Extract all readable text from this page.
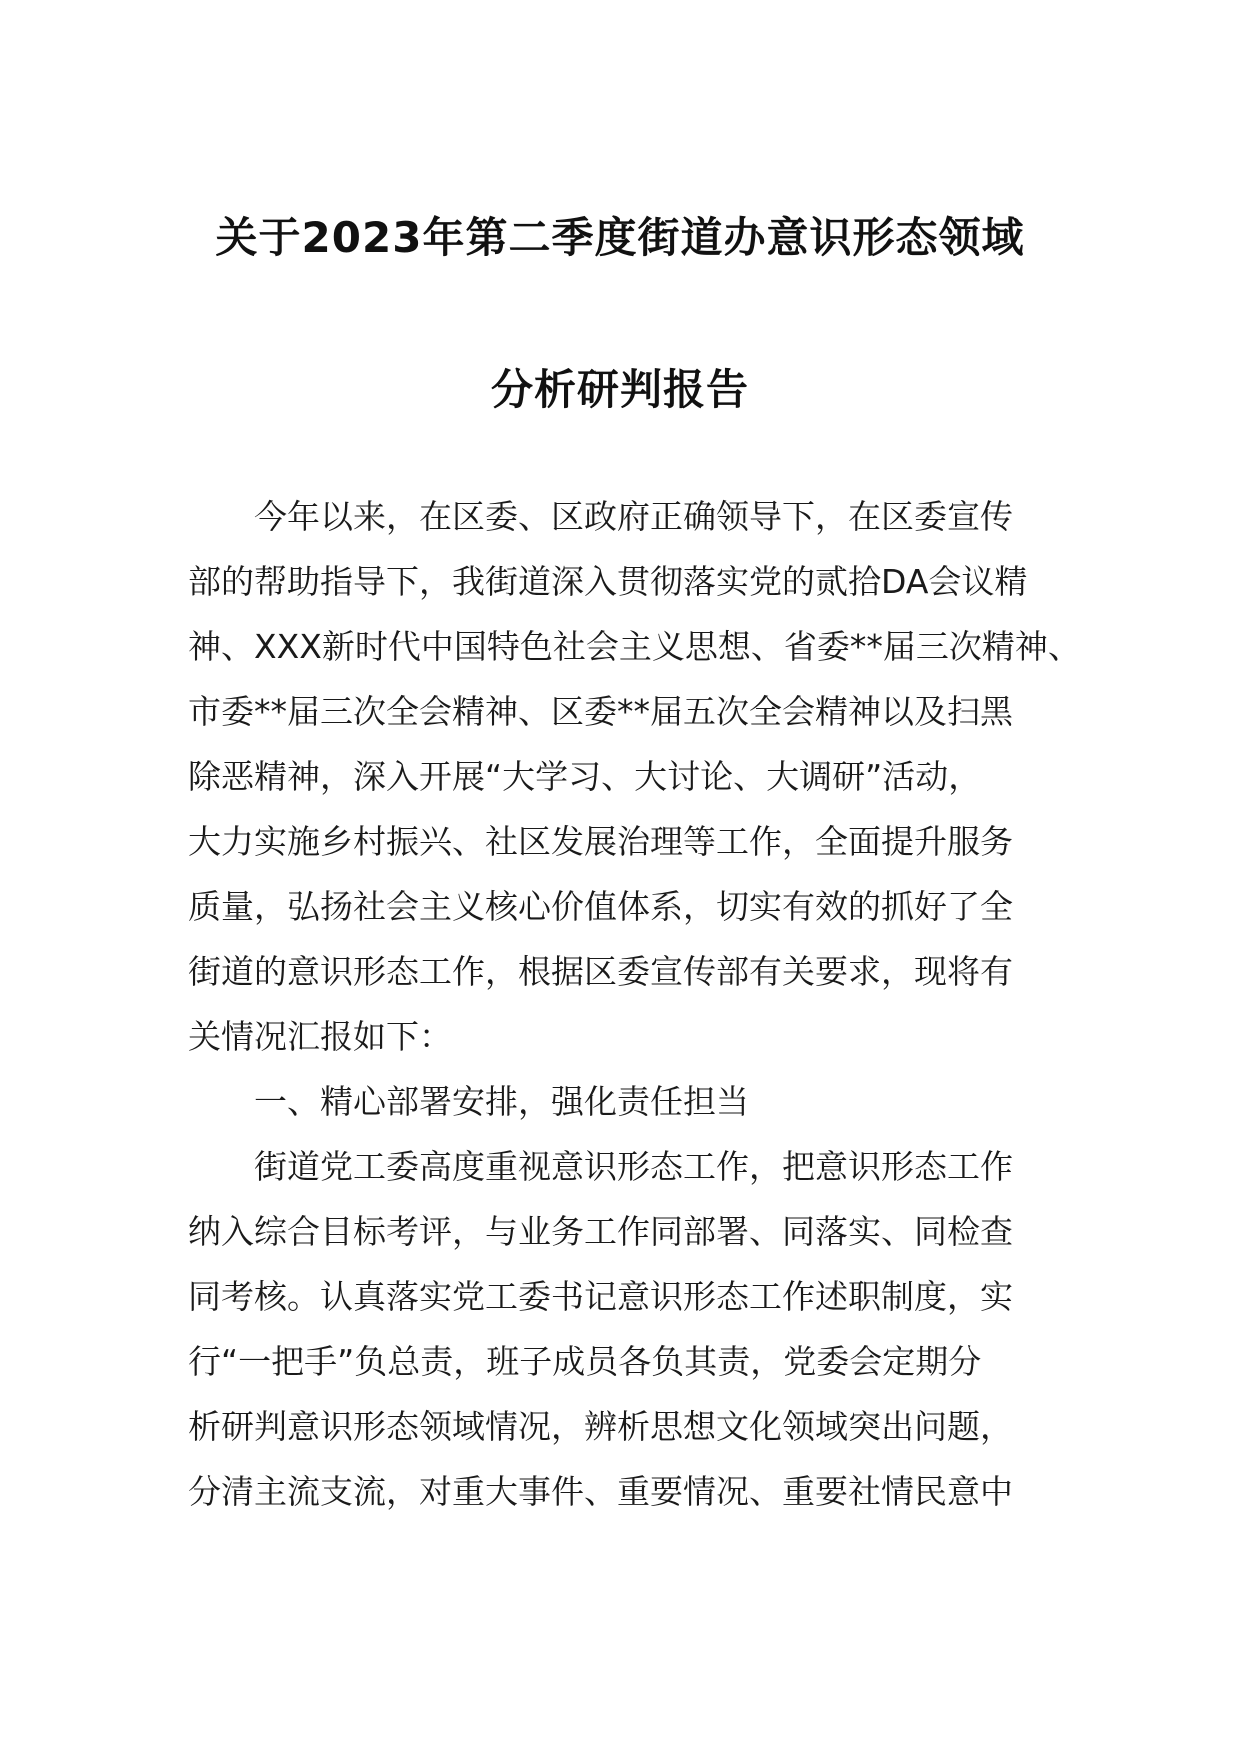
关于2023年第二季度街道办意识形态领域
分析研判报告
今年以来，在区委、区政府正确领导下，在区委宣传
部的帮助指导下，我街道深入贯彻落实党的贰拾DA会议精
神、XXX新时代中国特色社会主义思想、省委**届三次精神、
市委**届三次全会精神、区委**届五次全会精神以及扫黑
除恶精神，深入开展“大学习、大讨论、大调研”活动，
大力实施乡村振兴、社区发展治理等工作，全面提升服务
质量，弘扬社会主义核心价值体系，切实有效的抓好了全
街道的意识形态工作，根据区委宣传部有关要求，现将有
关情况汇报如下：
一、精心部署安排，强化责任担当
街道党工委高度重视意识形态工作，把意识形态工作
纳入综合目标考评，与业务工作同部署、同落实、同检查
同考核。认真落实党工委书记意识形态工作述职制度，实
行“一把手”负总责，班子成员各负其责，党委会定期分
析研判意识形态领域情况，辨析思想文化领域突出问题，
分清主流支流，对重大事件、重要情况、重要社情民意中
